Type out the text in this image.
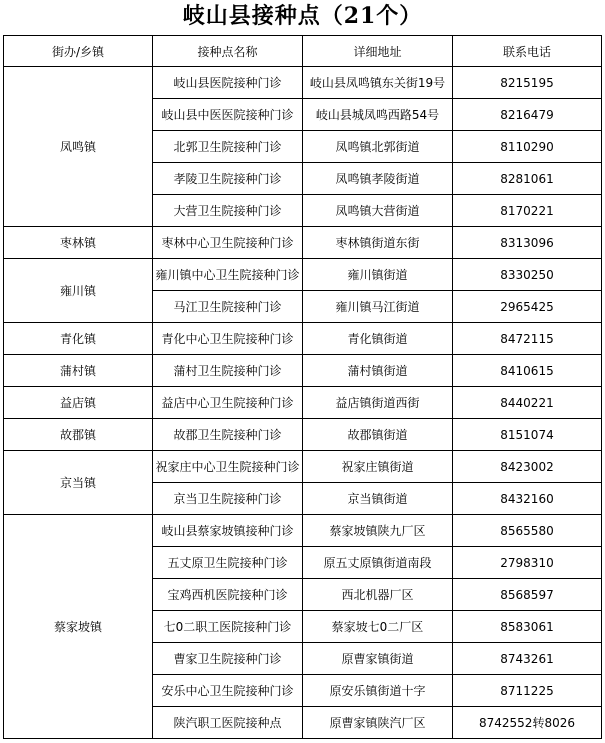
岐山县接种点（21个）
街办/乡镇	接种点名称	详细地址	联系电话
凤鸣镇	岐山县医院接种门诊	岐山县凤鸣镇东关街19号	8215195
	岐山县中医医院接种门诊	岐山县城凤鸣西路54号	8216479
	北郭卫生院接种门诊	凤鸣镇北郭街道	8110290
	孝陵卫生院接种门诊	凤鸣镇孝陵街道	8281061
	大营卫生院接种门诊	凤鸣镇大营街道	8170221
枣林镇	枣林中心卫生院接种门诊	枣林镇街道东街	8313096
雍川镇	雍川镇中心卫生院接种门诊	雍川镇街道	8330250
	马江卫生院接种门诊	雍川镇马江街道	2965425
青化镇	青化中心卫生院接种门诊	青化镇街道	8472115
蒲村镇	蒲村卫生院接种门诊	蒲村镇街道	8410615
益店镇	益店中心卫生院接种门诊	益店镇街道西街	8440221
故郡镇	故郡卫生院接种门诊	故郡镇街道	8151074
京当镇	祝家庄中心卫生院接种门诊	祝家庄镇街道	8423002
	京当卫生院接种门诊	京当镇街道	8432160
蔡家坡镇	岐山县蔡家坡镇接种门诊	蔡家坡镇陕九厂区	8565580
	五丈原卫生院接种门诊	原五丈原镇街道南段	2798310
	宝鸡西机医院接种门诊	西北机器厂区	8568597
	七0二职工医院接种门诊	蔡家坡七0二厂区	8583061
	曹家卫生院接种门诊	原曹家镇街道	8743261
	安乐中心卫生院接种门诊	原安乐镇街道十字	8711225
	陕汽职工医院接种点	原曹家镇陕汽厂区	8742552转8026
